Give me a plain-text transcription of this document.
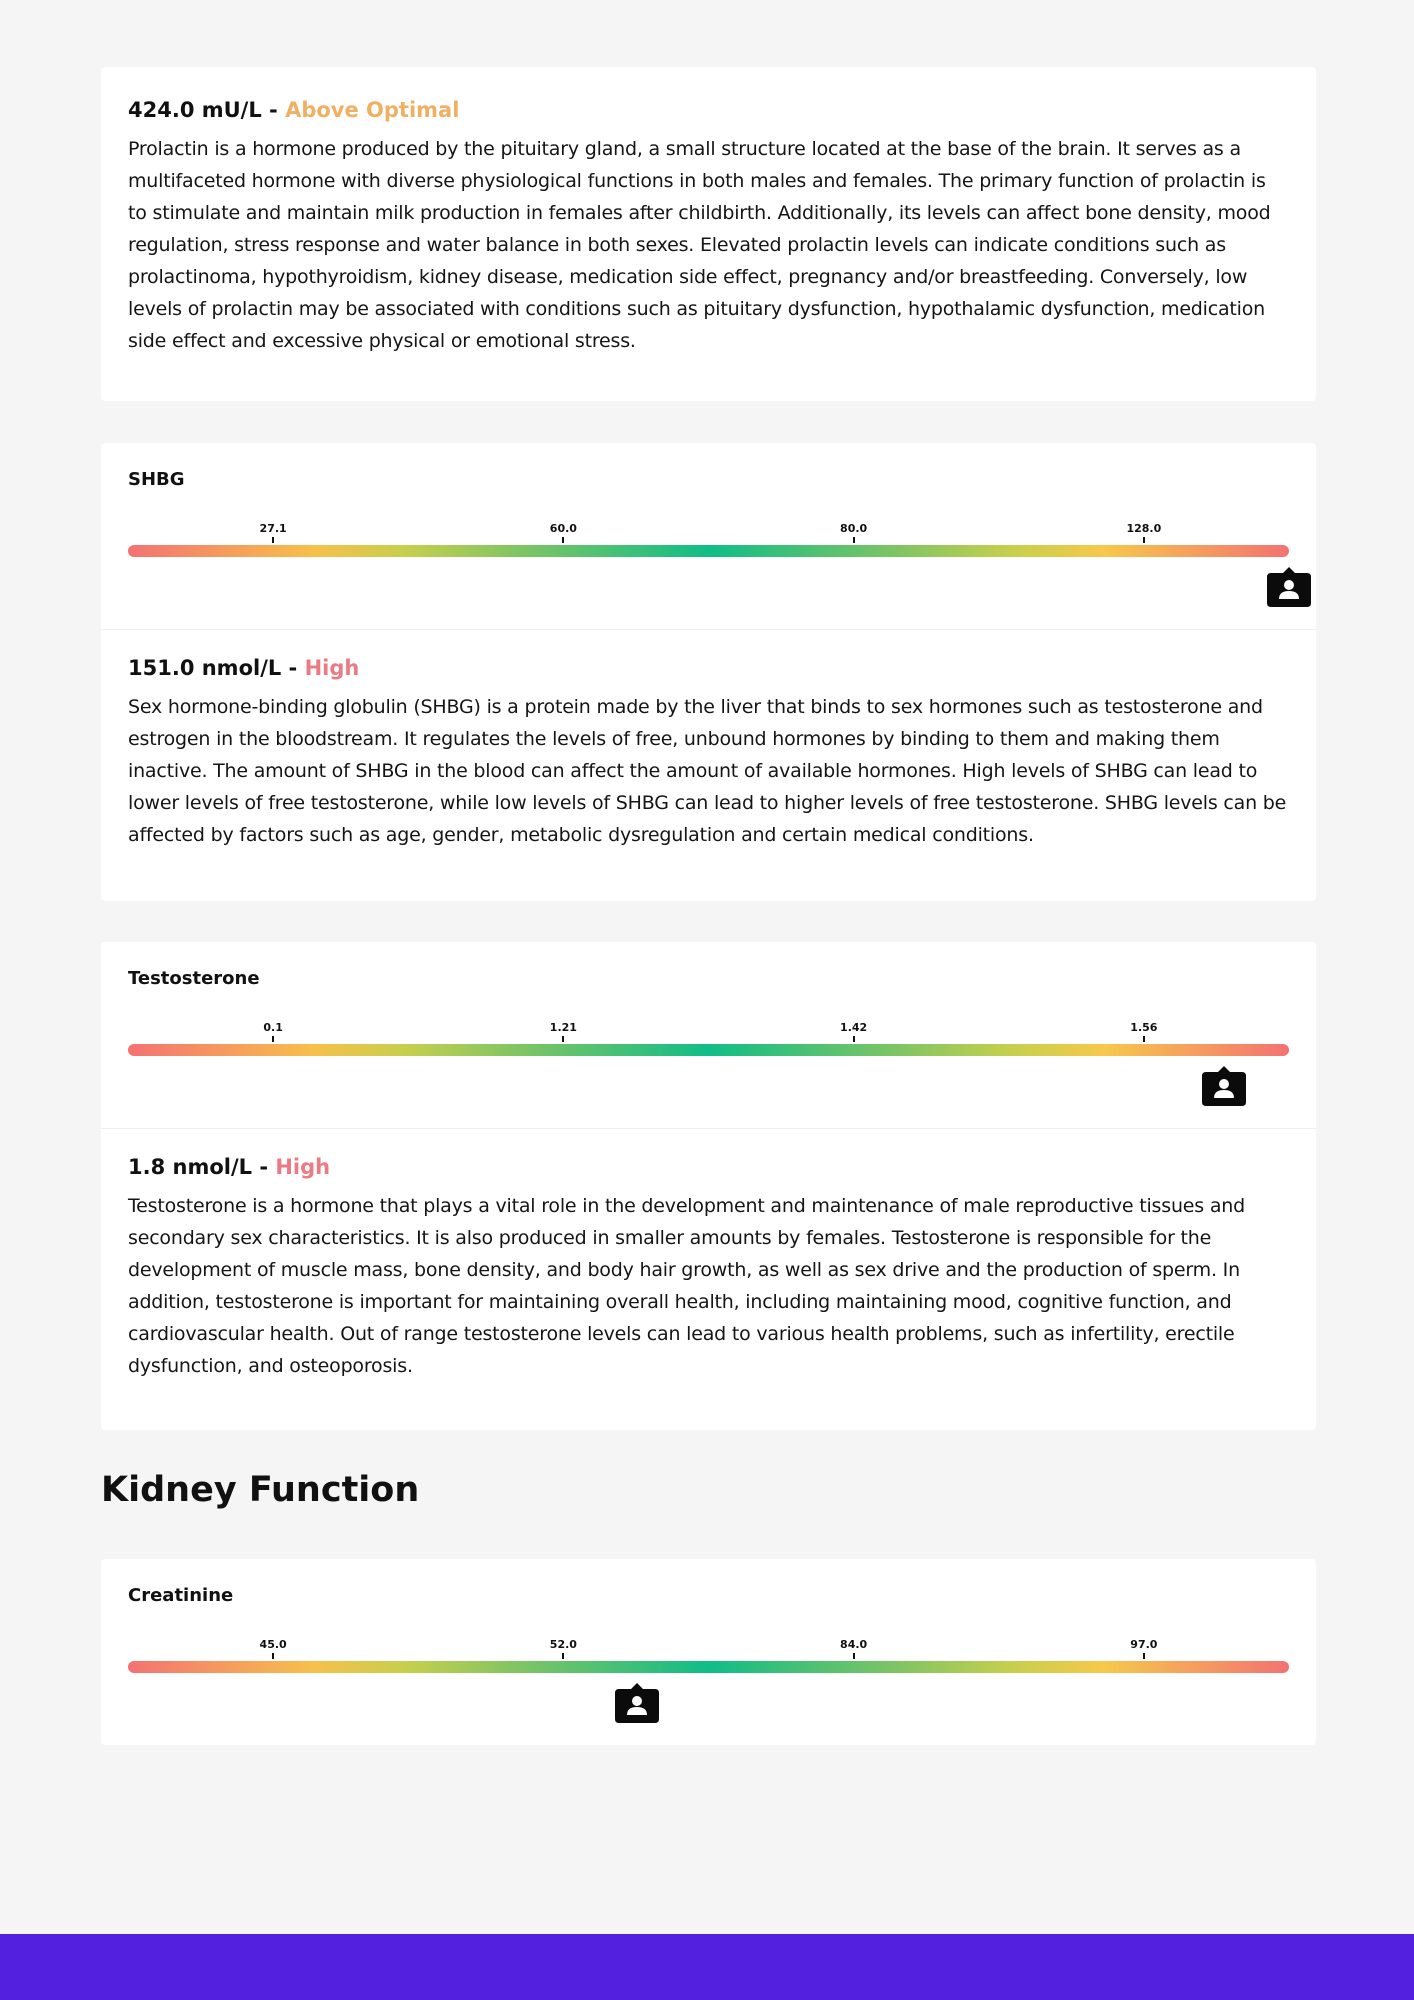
424.0 mU/L - Above Optimal

Prolactin is a hormone produced by the pituitary gland, a small structure located at the base of the brain. It serves as a multifaceted hormone with diverse physiological functions in both males and females. The primary function of prolactin is to stimulate and maintain milk production in females after childbirth. Additionally, its levels can affect bone density, mood regulation, stress response and water balance in both sexes. Elevated prolactin levels can indicate conditions such as prolactinoma, hypothyroidism, kidney disease, medication side effect, pregnancy and/or breastfeeding. Conversely, low levels of prolactin may be associated with conditions such as pituitary dysfunction, hypothalamic dysfunction, medication side effect and excessive physical or emotional stress.

SHBG
27.1	60.0	80.0	128.0
151.0 nmol/L - High

Sex hormone-binding globulin (SHBG) is a protein made by the liver that binds to sex hormones such as testosterone and estrogen in the bloodstream. It regulates the levels of free, unbound hormones by binding to them and making them inactive. The amount of SHBG in the blood can affect the amount of available hormones. High levels of SHBG can lead to lower levels of free testosterone, while low levels of SHBG can lead to higher levels of free testosterone. SHBG levels can be affected by factors such as age, gender, metabolic dysregulation and certain medical conditions.

Testosterone
0.1	1.21	1.42	1.56
1.8 nmol/L - High

Testosterone is a hormone that plays a vital role in the development and maintenance of male reproductive tissues and secondary sex characteristics. It is also produced in smaller amounts by females. Testosterone is responsible for the development of muscle mass, bone density, and body hair growth, as well as sex drive and the production of sperm. In addition, testosterone is important for maintaining overall health, including maintaining mood, cognitive function, and cardiovascular health. Out of range testosterone levels can lead to various health problems, such as infertility, erectile dysfunction, and osteoporosis.

Kidney Function
Creatinine
45.0	52.0	84.0	97.0
